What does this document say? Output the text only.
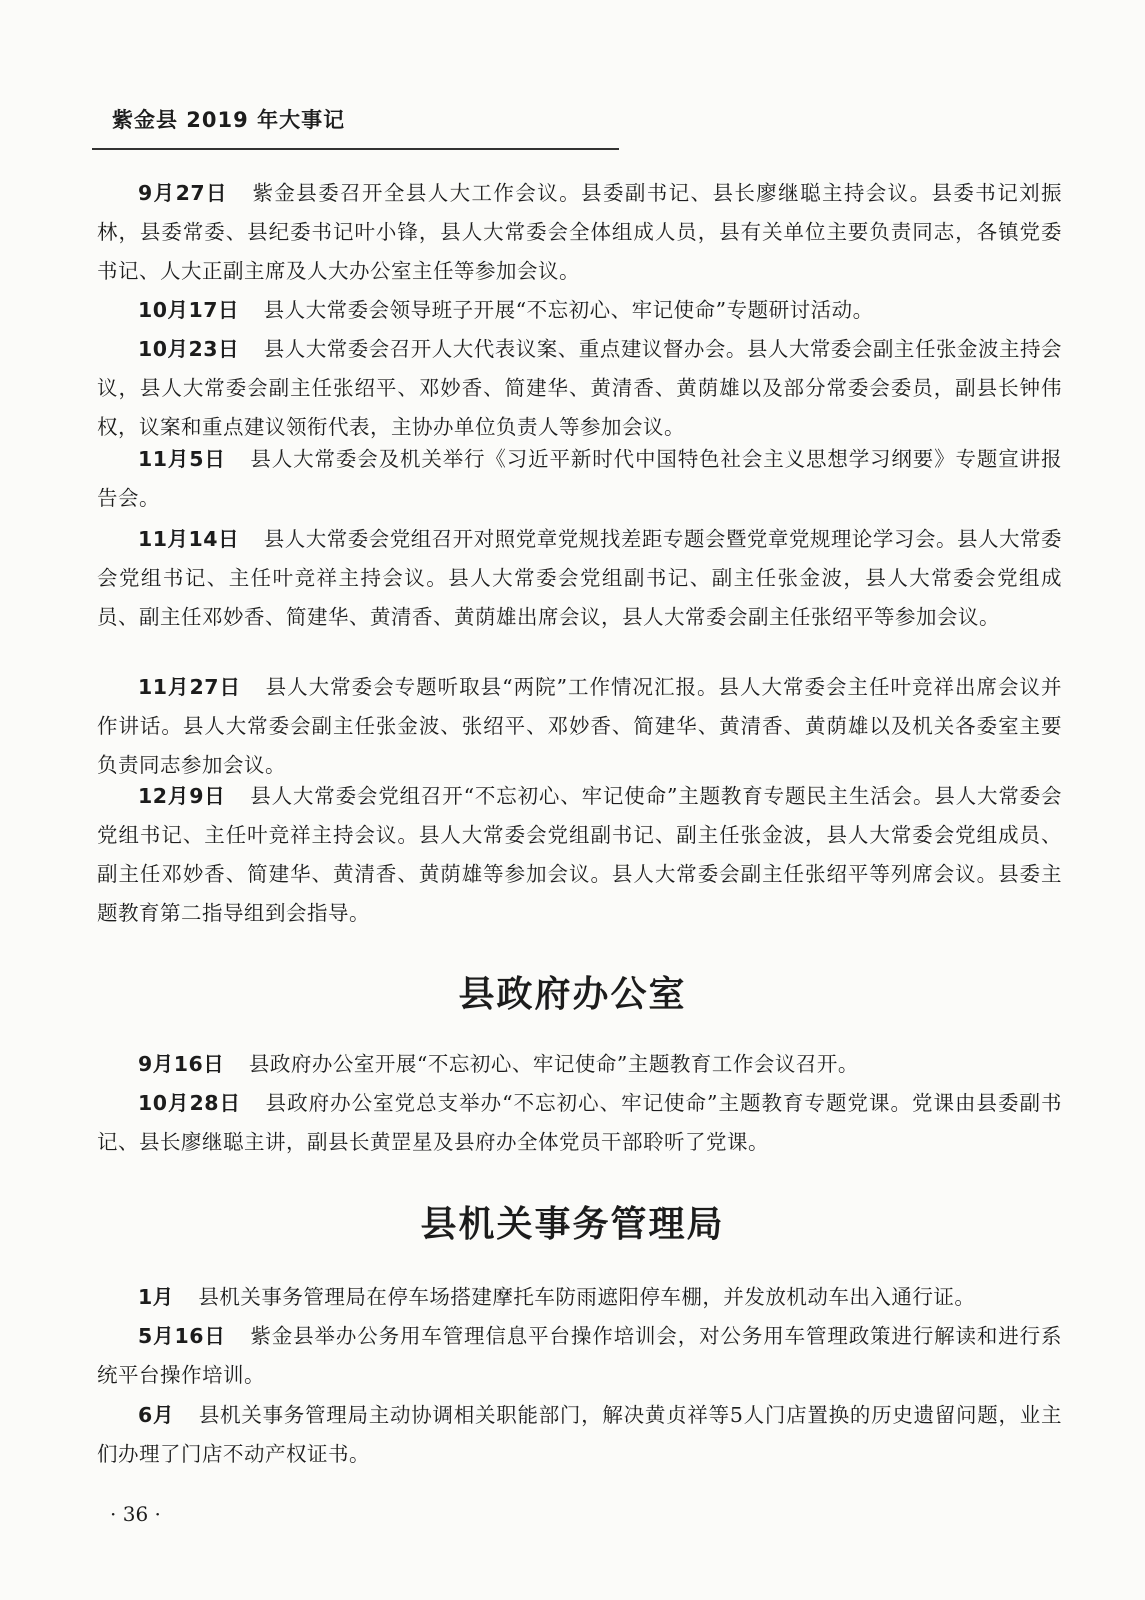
紫金县 2019 年大事记

9月27日 紫金县委召开全县人大工作会议。县委副书记、县长廖继聪主持会议。县委书记刘振林，县委常委、县纪委书记叶小锋，县人大常委会全体组成人员，县有关单位主要负责同志，各镇党委书记、人大正副主席及人大办公室主任等参加会议。

10月17日 县人大常委会领导班子开展“不忘初心、牢记使命”专题研讨活动。

10月23日 县人大常委会召开人大代表议案、重点建议督办会。县人大常委会副主任张金波主持会议，县人大常委会副主任张绍平、邓妙香、简建华、黄清香、黄荫雄以及部分常委会委员，副县长钟伟权，议案和重点建议领衔代表，主协办单位负责人等参加会议。

11月5日 县人大常委会及机关举行《习近平新时代中国特色社会主义思想学习纲要》专题宣讲报告会。

11月14日 县人大常委会党组召开对照党章党规找差距专题会暨党章党规理论学习会。县人大常委会党组书记、主任叶竞祥主持会议。县人大常委会党组副书记、副主任张金波，县人大常委会党组成员、副主任邓妙香、简建华、黄清香、黄荫雄出席会议，县人大常委会副主任张绍平等参加会议。

11月27日 县人大常委会专题听取县“两院”工作情况汇报。县人大常委会主任叶竞祥出席会议并作讲话。县人大常委会副主任张金波、张绍平、邓妙香、简建华、黄清香、黄荫雄以及机关各委室主要负责同志参加会议。

12月9日 县人大常委会党组召开“不忘初心、牢记使命”主题教育专题民主生活会。县人大常委会党组书记、主任叶竞祥主持会议。县人大常委会党组副书记、副主任张金波，县人大常委会党组成员、副主任邓妙香、简建华、黄清香、黄荫雄等参加会议。县人大常委会副主任张绍平等列席会议。县委主题教育第二指导组到会指导。

县政府办公室

9月16日 县政府办公室开展“不忘初心、牢记使命”主题教育工作会议召开。

10月28日 县政府办公室党总支举办“不忘初心、牢记使命”主题教育专题党课。党课由县委副书记、县长廖继聪主讲，副县长黄罡星及县府办全体党员干部聆听了党课。

县机关事务管理局

1月 县机关事务管理局在停车场搭建摩托车防雨遮阳停车棚，并发放机动车出入通行证。

5月16日 紫金县举办公务用车管理信息平台操作培训会，对公务用车管理政策进行解读和进行系统平台操作培训。

6月 县机关事务管理局主动协调相关职能部门，解决黄贞祥等5人门店置换的历史遗留问题，业主们办理了门店不动产权证书。

· 36 ·
